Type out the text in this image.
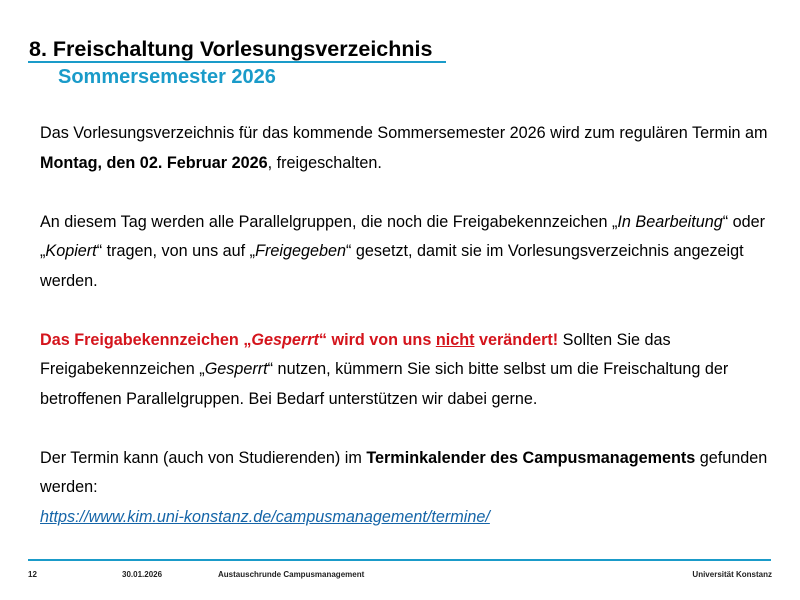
8. Freischaltung Vorlesungsverzeichnis
Sommersemester 2026

Das Vorlesungsverzeichnis für das kommende Sommersemester 2026 wird zum regulären Termin am Montag, den 02. Februar 2026, freigeschalten.

An diesem Tag werden alle Parallelgruppen, die noch die Freigabekennzeichen „In Bearbeitung“ oder „Kopiert“ tragen, von uns auf „Freigegeben“ gesetzt, damit sie im Vorlesungsverzeichnis angezeigt werden.

Das Freigabekennzeichen „Gesperrt“ wird von uns nicht verändert! Sollten Sie das Freigabekennzeichen „Gesperrt“ nutzen, kümmern Sie sich bitte selbst um die Freischaltung der betroffenen Parallelgruppen. Bei Bedarf unterstützen wir dabei gerne.

Der Termin kann (auch von Studierenden) im Terminkalender des Campusmanagements gefunden werden:
https://www.kim.uni-konstanz.de/campusmanagement/termine/

12	30.01.2026	Austauschrunde Campusmanagement	Universität Konstanz
